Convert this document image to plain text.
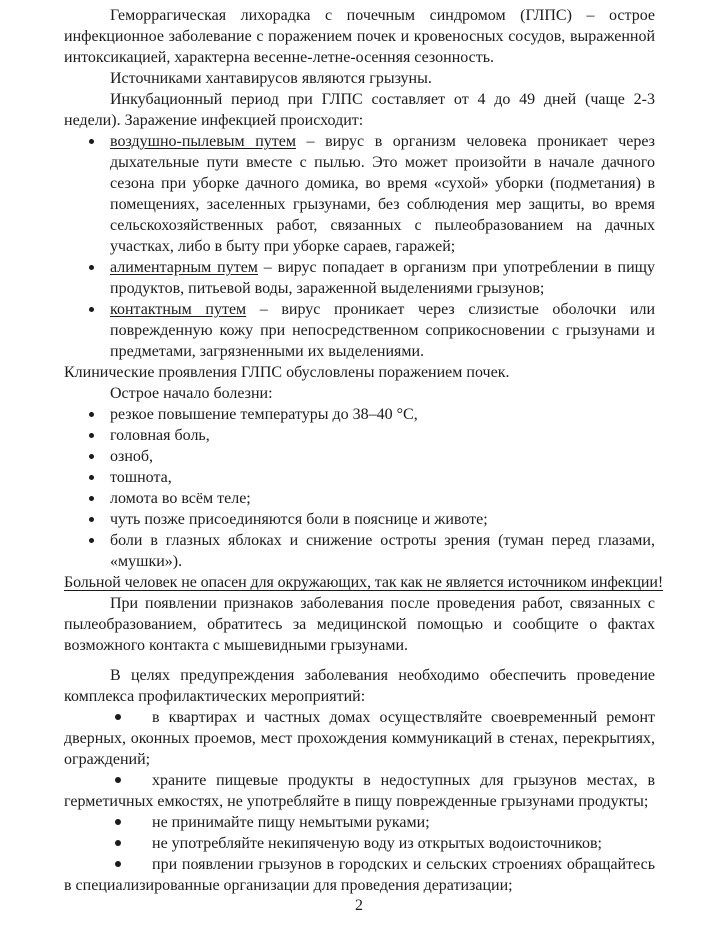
Геморрагическая лихорадка с почечным синдромом (ГЛПС) – острое инфекционное заболевание с поражением почек и кровеносных сосудов, выраженной интоксикацией, характерна весенне-летне-осенняя сезонность.

Источниками хантавирусов являются грызуны.

Инкубационный период при ГЛПС составляет от 4 до 49 дней (чаще 2-3 недели). Заражение инфекцией происходит:

воздушно-пылевым путем – вирус в организм человека проникает через дыхательные пути вместе с пылью. Это может произойти в начале дачного сезона при уборке дачного домика, во время «сухой» уборки (подметания) в помещениях, заселенных грызунами, без соблюдения мер защиты, во время сельскохозяйственных работ, связанных с пылеобразованием на дачных участках, либо в быту при уборке сараев, гаражей;
алиментарным путем – вирус попадает в организм при употреблении в пищу продуктов, питьевой воды, зараженной выделениями грызунов;
контактным путем – вирус проникает через слизистые оболочки или поврежденную кожу при непосредственном соприкосновении с грызунами и предметами, загрязненными их выделениями.

Клинические проявления ГЛПС обусловлены поражением почек.

Острое начало болезни:

резкое повышение температуры до 38–40 °С,
головная боль,
озноб,
тошнота,
ломота во всём теле;
чуть позже присоединяются боли в пояснице и животе;
боли в глазных яблоках и снижение остроты зрения (туман перед глазами, «мушки»).

Больной человек не опасен для окружающих, так как не является источником инфекции!

При появлении признаков заболевания после проведения работ, связанных с пылеобразованием, обратитесь за медицинской помощью и сообщите о фактах возможного контакта с мышевидными грызунами.

В целях предупреждения заболевания необходимо обеспечить проведение комплекса профилактических мероприятий:

в квартирах и частных домах осуществляйте своевременный ремонт дверных, оконных проемов, мест прохождения коммуникаций в стенах, перекрытиях, ограждений;

храните пищевые продукты в недоступных для грызунов местах, в герметичных емкостях, не употребляйте в пищу поврежденные грызунами продукты;

не принимайте пищу немытыми руками;

не употребляйте некипяченую воду из открытых водоисточников;

при появлении грызунов в городских и сельских строениях обращайтесь в специализированные организации для проведения дератизации;

2
